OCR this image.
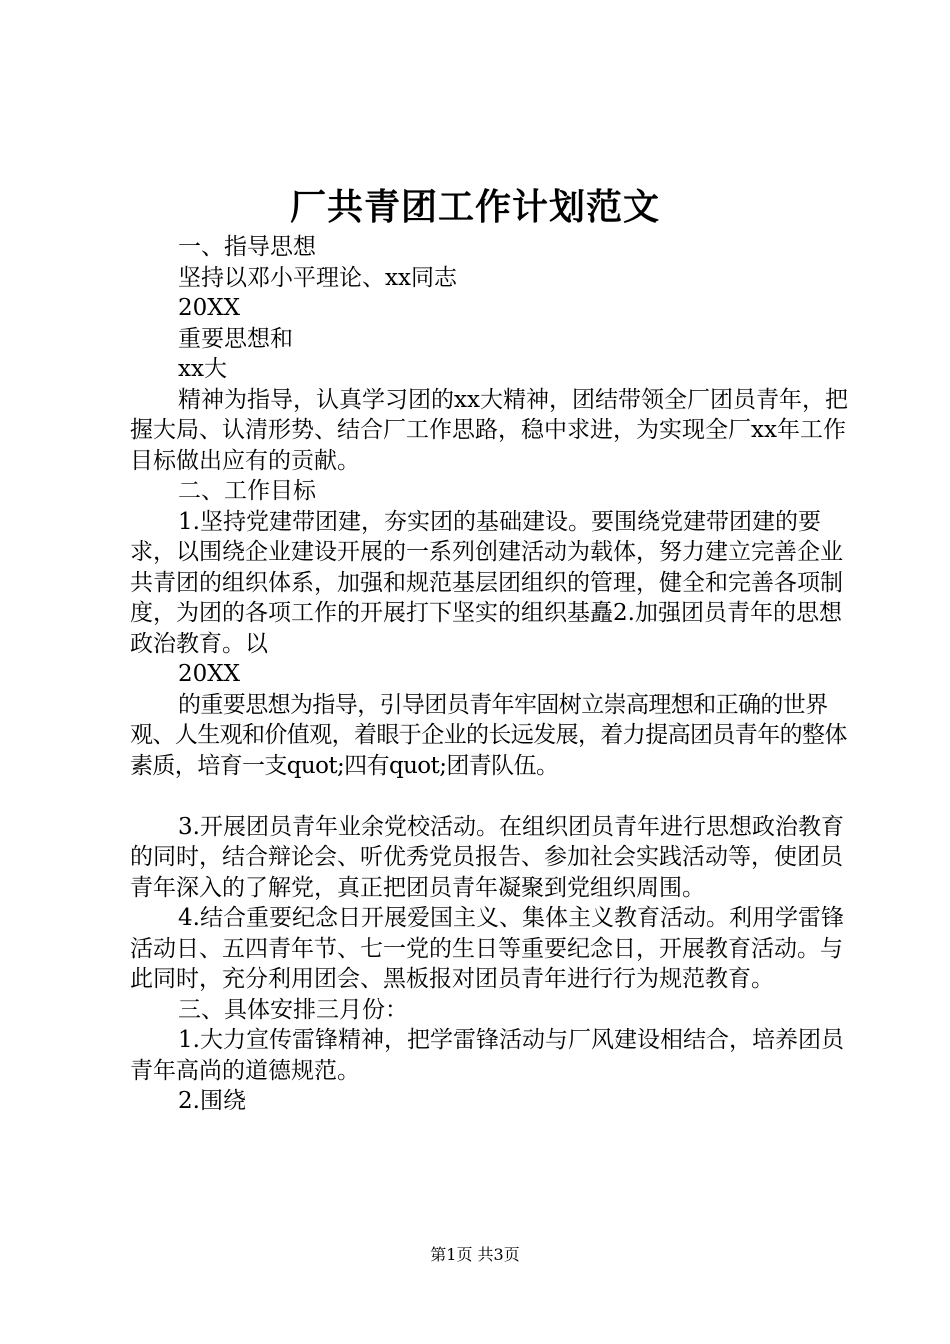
厂共青团工作计划范文

一、指导思想

坚持以邓小平理论、xx同志

20XX

重要思想和

xx大

精神为指导，认真学习团的xx大精神，团结带领全厂团员青年，把握大局、认清形势、结合厂工作思路，稳中求进，为实现全厂xx年工作目标做出应有的贡献。

二、工作目标

1.坚持党建带团建，夯实团的基础建设。要围绕党建带团建的要求，以围绕企业建设开展的一系列创建活动为载体，努力建立完善企业共青团的组织体系，加强和规范基层团组织的管理，健全和完善各项制度，为团的各项工作的开展打下坚实的组织基矗2.加强团员青年的思想政治教育。以

20XX

的重要思想为指导，引导团员青年牢固树立崇高理想和正确的世界观、人生观和价值观，着眼于企业的长远发展，着力提高团员青年的整体素质，培育一支quot;四有quot;团青队伍。

3.开展团员青年业余党校活动。在组织团员青年进行思想政治教育的同时，结合辩论会、听优秀党员报告、参加社会实践活动等，使团员青年深入的了解党，真正把团员青年凝聚到党组织周围。

4.结合重要纪念日开展爱国主义、集体主义教育活动。利用学雷锋活动日、五四青年节、七一党的生日等重要纪念日，开展教育活动。与此同时，充分利用团会、黑板报对团员青年进行行为规范教育。

三、具体安排三月份：

1.大力宣传雷锋精神，把学雷锋活动与厂风建设相结合，培养团员青年高尚的道德规范。

2.围绕

第1页 共3页
